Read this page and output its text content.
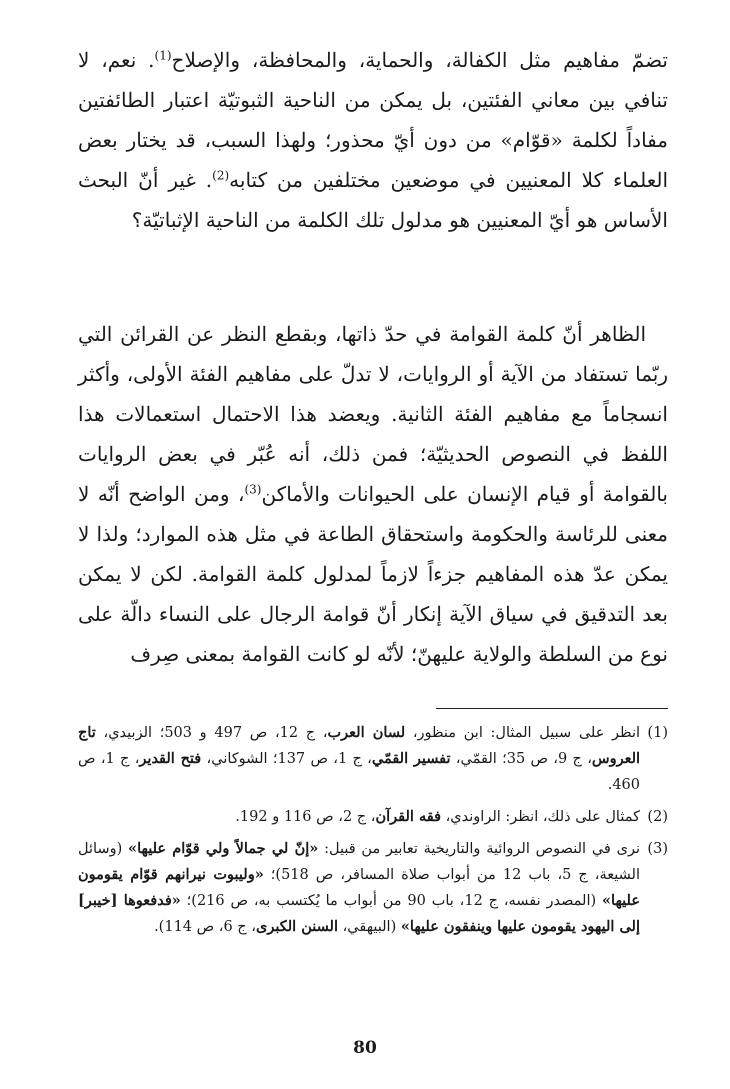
تضمّ مفاهيم مثل الكفالة، والحماية، والمحافظة، والإصلاح$^{(1)}$. نعم، لا تنافي بين معاني الفئتين، بل يمكن من الناحية الثبوتيّة اعتبار الطائفتين مفاداً لكلمة «قوّام» من دون أيّ محذور؛ ولهذا السبب، قد يختار بعض العلماء كلا المعنيين في موضعين مختلفين من كتابه$^{(2)}$. غير أنّ البحث الأساس هو أيّ المعنيين هو مدلول تلك الكلمة من الناحية الإثباتيّة؟

الظاهر أنّ كلمة القوامة في حدّ ذاتها، وبقطع النظر عن القرائن التي ربّما تستفاد من الآية أو الروايات، لا تدلّ على مفاهيم الفئة الأولى، وأكثر انسجاماً مع مفاهيم الفئة الثانية. ويعضد هذا الاحتمال استعمالات هذا اللفظ في النصوص الحديثيّة؛ فمن ذلك، أنه عُبّر في بعض الروايات بالقوامة أو قيام الإنسان على الحيوانات والأماكن$^{(3)}$، ومن الواضح أنّه لا معنى للرئاسة والحكومة واستحقاق الطاعة في مثل هذه الموارد؛ ولذا لا يمكن عدّ هذه المفاهيم جزءاً لازماً لمدلول كلمة القوامة. لكن لا يمكن بعد التدقيق في سياق الآية إنكار أنّ قوامة الرجال على النساء دالّة على نوع من السلطة والولاية عليهنّ؛ لأنّه لو كانت القوامة بمعنى صِرف

(1)
انظر على سبيل المثال: ابن منظور، لسان العرب، ج 12، ص 497 و 503؛ الزبيدي، تاج العروس، ج 9، ص 35؛ القمّي، تفسير القمّي، ج 1، ص 137؛ الشوكاني، فتح القدير، ج 1، ص 460.
(2)
كمثال على ذلك، انظر: الراوندي، فقه القرآن، ج 2، ص 116 و 192.
(3)
نرى في النصوص الروائية والتاريخية تعابير من قبيل: «إنّ لي جمالاً ولي قوّام عليها» (وسائل الشيعة، ج 5، باب 12 من أبواب صلاة المسافر، ص 518)؛ «وليبوت نيرانهم قوّام يقومون عليها» (المصدر نفسه، ج 12، باب 90 من أبواب ما يُكتسب به، ص 216)؛ «فدفعوها [خيبر] إلى اليهود يقومون عليها وينفقون عليها» (البيهقي، السنن الكبرى، ج 6، ص 114).
80
